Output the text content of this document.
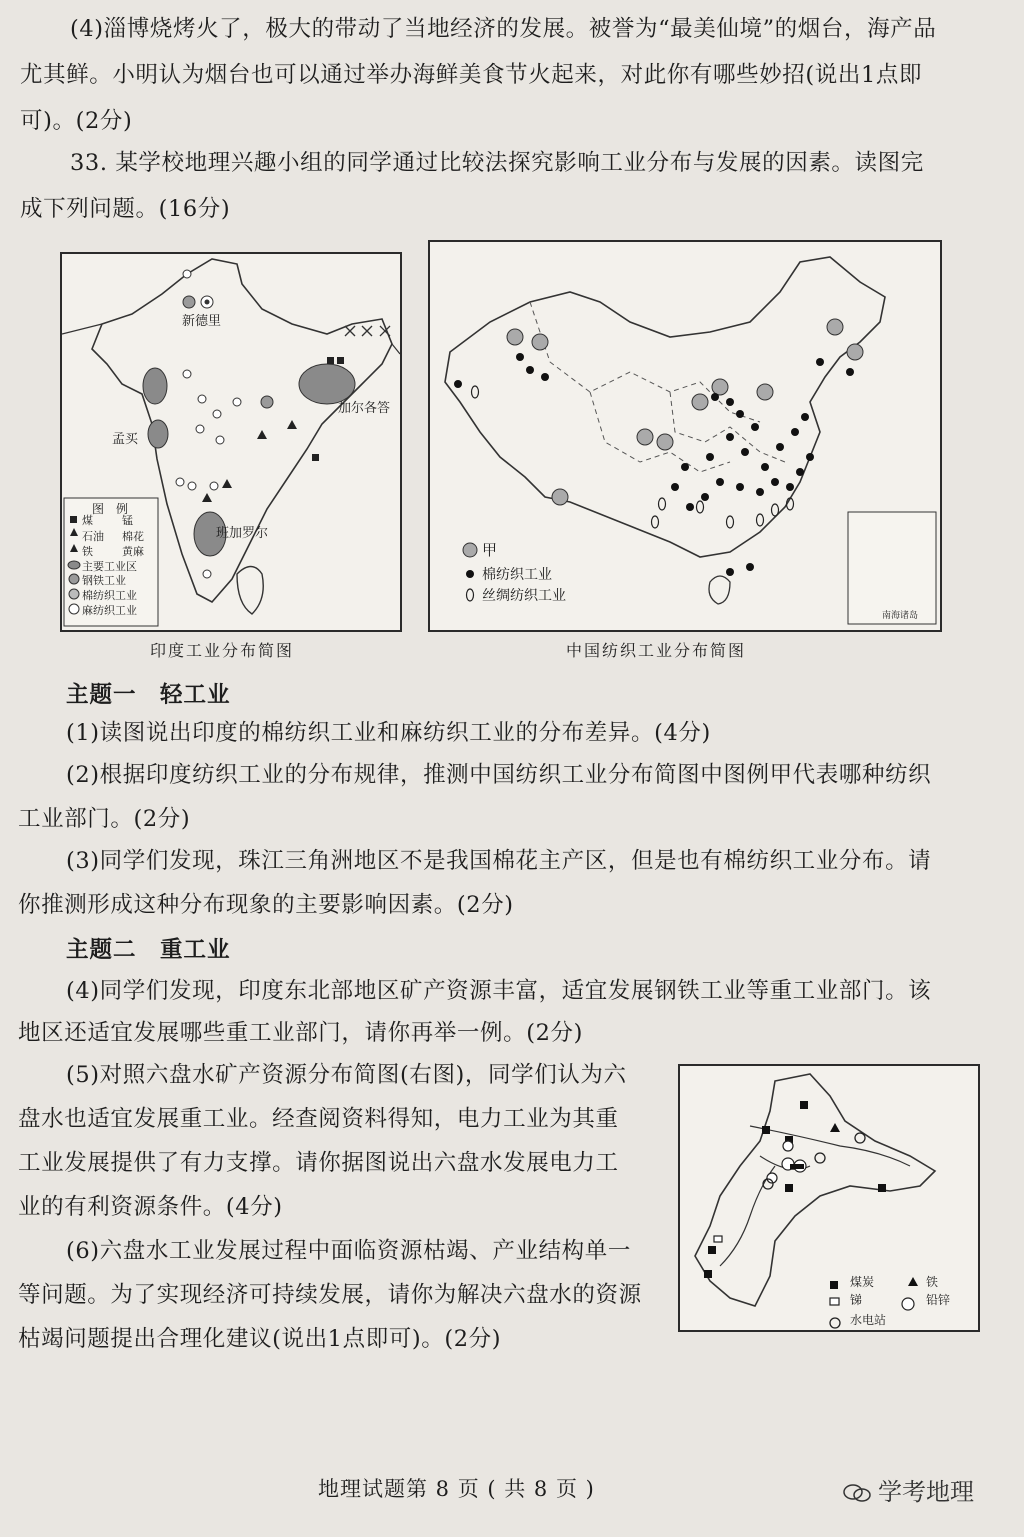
(4)淄博烧烤火了，极大的带动了当地经济的发展。被誉为“最美仙境”的烟台，海产品
尤其鲜。小明认为烟台也可以通过举办海鲜美食节火起来，对此你有哪些妙招(说出1点即
可)。(2分)
33. 某学校地理兴趣小组的同学通过比较法探究影响工业分布与发展的因素。读图完
成下列问题。(16分)
新德里
加尔各答
孟买
班加罗尔
图　例
煤	锰
石油 棉花
铁	黄麻
主要工业区
钢铁工业
棉纺织工业
麻纺织工业
印度工业分布简图
甲
棉纺织工业
丝绸纺织工业
南海诸岛
中国纺织工业分布简图
主题一　轻工业
(1)读图说出印度的棉纺织工业和麻纺织工业的分布差异。(4分)
(2)根据印度纺织工业的分布规律，推测中国纺织工业分布简图中图例甲代表哪种纺织
工业部门。(2分)
(3)同学们发现，珠江三角洲地区不是我国棉花主产区，但是也有棉纺织工业分布。请
你推测形成这种分布现象的主要影响因素。(2分)
主题二　重工业
(4)同学们发现，印度东北部地区矿产资源丰富，适宜发展钢铁工业等重工业部门。该
地区还适宜发展哪些重工业部门，请你再举一例。(2分)
(5)对照六盘水矿产资源分布简图(右图)，同学们认为六
盘水也适宜发展重工业。经查阅资料得知，电力工业为其重
工业发展提供了有力支撑。请你据图说出六盘水发展电力工
业的有利资源条件。(4分)
(6)六盘水工业发展过程中面临资源枯竭、产业结构单一
等问题。为了实现经济可持续发展，请你为解决六盘水的资源
枯竭问题提出合理化建议(说出1点即可)。(2分)
煤炭	铁
锑	铅锌
水电站
地理试题第 8 页 ( 共 8 页 )	学考地理
